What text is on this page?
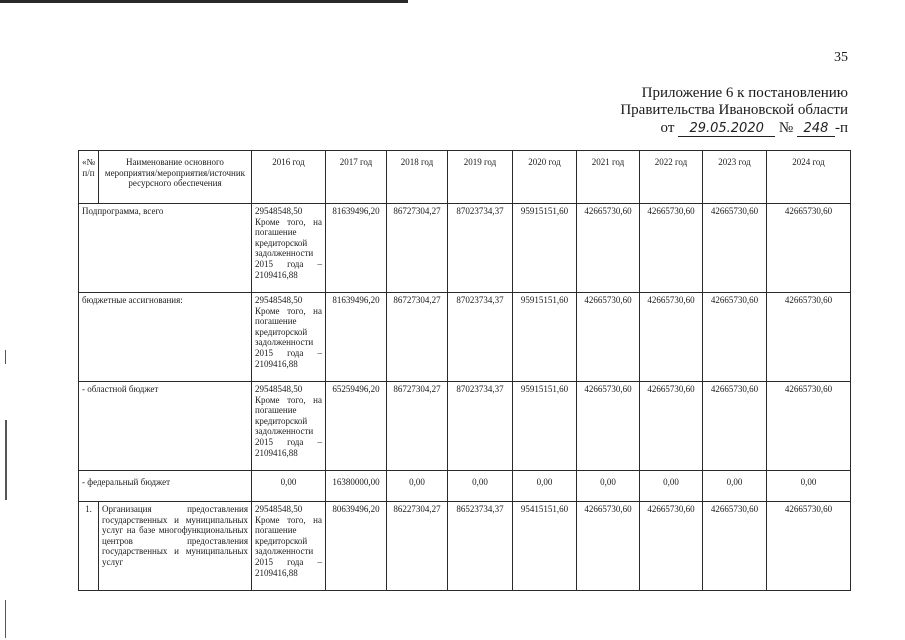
35
Приложение 6 к постановлению
Правительства Ивановской области
от 29.05.2020 № 248 -п
«№ п/п	Наименование основного мероприятия/мероприятия/источник ресурсного обеспечения	2016 год	2017 год	2018 год	2019 год	2020 год	2021 год	2022 год	2023 год	2024 год
Подпрограмма, всего		29548548,50 Кроме того, на погашение кредиторской задолженности 2015 года – 2109416,88	81639496,20	86727304,27	87023734,37	95915151,60	42665730,60	42665730,60	42665730,60	42665730,60
бюджетные ассигнования:		29548548,50 Кроме того, на погашение кредиторской задолженности 2015 года – 2109416,88	81639496,20	86727304,27	87023734,37	95915151,60	42665730,60	42665730,60	42665730,60	42665730,60
- областной бюджет		29548548,50 Кроме того, на погашение кредиторской задолженности 2015 года – 2109416,88	65259496,20	86727304,27	87023734,37	95915151,60	42665730,60	42665730,60	42665730,60	42665730,60
- федеральный бюджет		0,00	16380000,00	0,00	0,00	0,00	0,00	0,00	0,00	0,00
1.	Организация предоставления государственных и муниципальных услуг на базе многофункциональных центров предоставления государственных и муниципальных услуг	29548548,50 Кроме того, на погашение кредиторской задолженности 2015 года – 2109416,88	80639496,20	86227304,27	86523734,37	95415151,60	42665730,60	42665730,60	42665730,60	42665730,60
